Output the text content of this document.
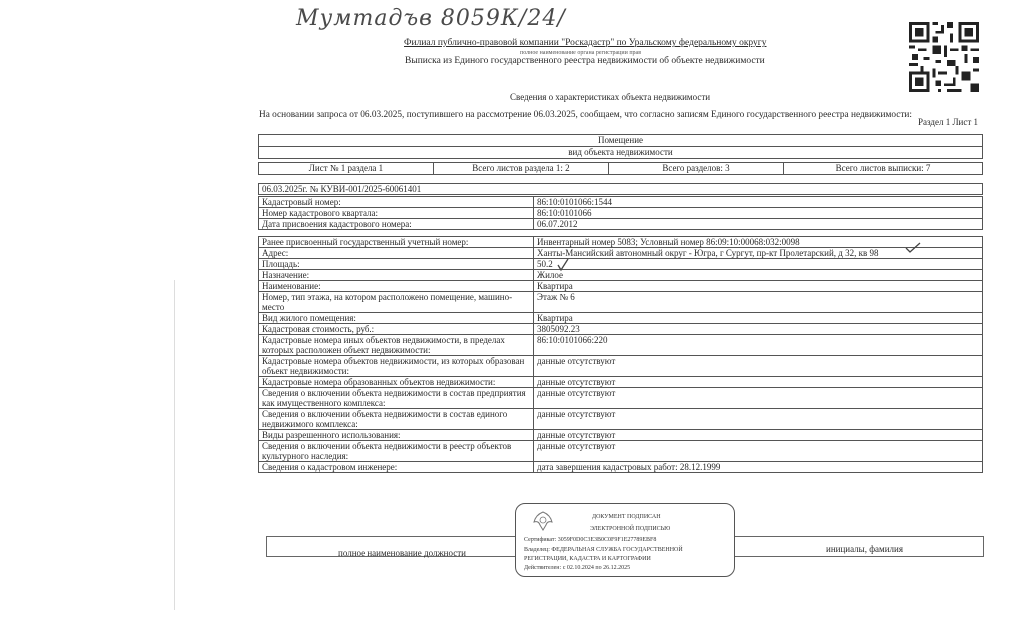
Мумтадъв 8059К/24/
Филиал публично-правовой компании "Роскадастр" по Уральскому федеральному округу
полное наименование органа регистрации прав
Выписка из Единого государственного реестра недвижимости об объекте недвижимости
Сведения о характеристиках объекта недвижимости
На основании запроса от 06.03.2025, поступившего на рассмотрение 06.03.2025, сообщаем, что согласно записям Единого государственного реестра недвижимости:
Раздел 1 Лист 1
Помещение
вид объекта недвижимости
Лист № 1 раздела 1	Всего листов раздела 1: 2	Всего разделов: 3	Всего листов выписки: 7
06.03.2025г. № КУВИ-001/2025-60061401
Кадастровый номер:	86:10:0101066:1544
Номер кадастрового квартала:	86:10:0101066
Дата присвоения кадастрового номера:	06.07.2012
Ранее присвоенный государственный учетный номер:	Инвентарный номер 5083; Условный номер 86:09:10:00068:032:0098
Адрес:	Ханты-Мансийский автономный округ - Югра, г Сургут, пр-кт Пролетарский, д 32, кв 98
Площадь:	50.2
Назначение:	Жилое
Наименование:	Квартира
Номер, тип этажа, на котором расположено помещение, машино-место	Этаж № 6
Вид жилого помещения:	Квартира
Кадастровая стоимость, руб.:	3805092.23
Кадастровые номера иных объектов недвижимости, в пределах которых расположен объект недвижимости:	86:10:0101066:220
Кадастровые номера объектов недвижимости, из которых образован объект недвижимости:	данные отсутствуют
Кадастровые номера образованных объектов недвижимости:	данные отсутствуют
Сведения о включении объекта недвижимости в состав предприятия как имущественного комплекса:	данные отсутствуют
Сведения о включении объекта недвижимости в состав единого недвижимого комплекса:	данные отсутствуют
Виды разрешенного использования:	данные отсутствуют
Сведения о включении объекта недвижимости в реестр объектов культурного наследия:	данные отсутствуют
Сведения о кадастровом инженере:	дата завершения кадастровых работ: 28.12.1999
полное наименование должности	инициалы, фамилия
ДОКУМЕНТ ПОДПИСАН
ЭЛЕКТРОННОЙ ПОДПИСЬЮ
Сертификат: 3059F0D0C3E3B0C0F9F1E27789EBF8
Владелец: ФЕДЕРАЛЬНАЯ СЛУЖБА ГОСУДАРСТВЕННОЙ
РЕГИСТРАЦИИ, КАДАСТРА И КАРТОГРАФИИ
Действителен: с 02.10.2024 по 26.12.2025
